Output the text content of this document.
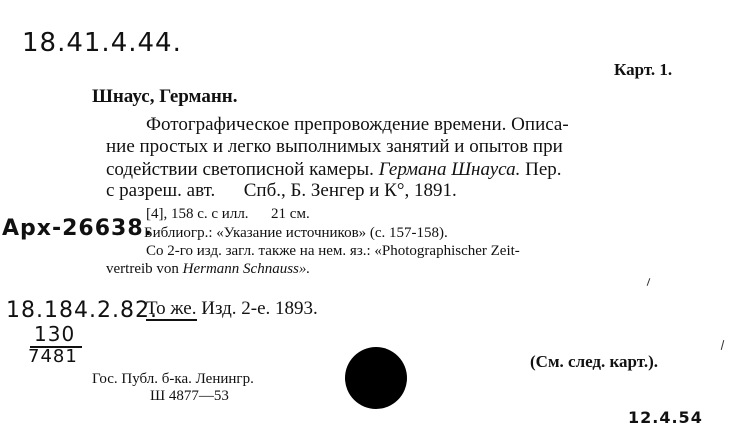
18.41.4.44.
Карт. 1.
Шнаус, Германн.
Фотографическое препровождение времени. Описа-
ние простых и легко выполнимых занятий и опытов при
содействии светописной камеры. Германа Шнауса. Пер.
с разреш. авт.      Спб., Б. Зенгер и К°, 1891.
[4], 158 с. с илл.      21 см.
Арх-26638.
Библиогр.: «Указание источников» (с. 157-158).
Со 2-го изд. загл. также на нем. яз.: «Photographischer Zeit-
vertreib von Hermann Schnauss».
18.184.2.82.
То же. Изд. 2-е. 1893.
130
7481	(См. след. карт.).
Гос. Публ. б-ка. Ленингр.
Ш 4877—53
12.4.54
